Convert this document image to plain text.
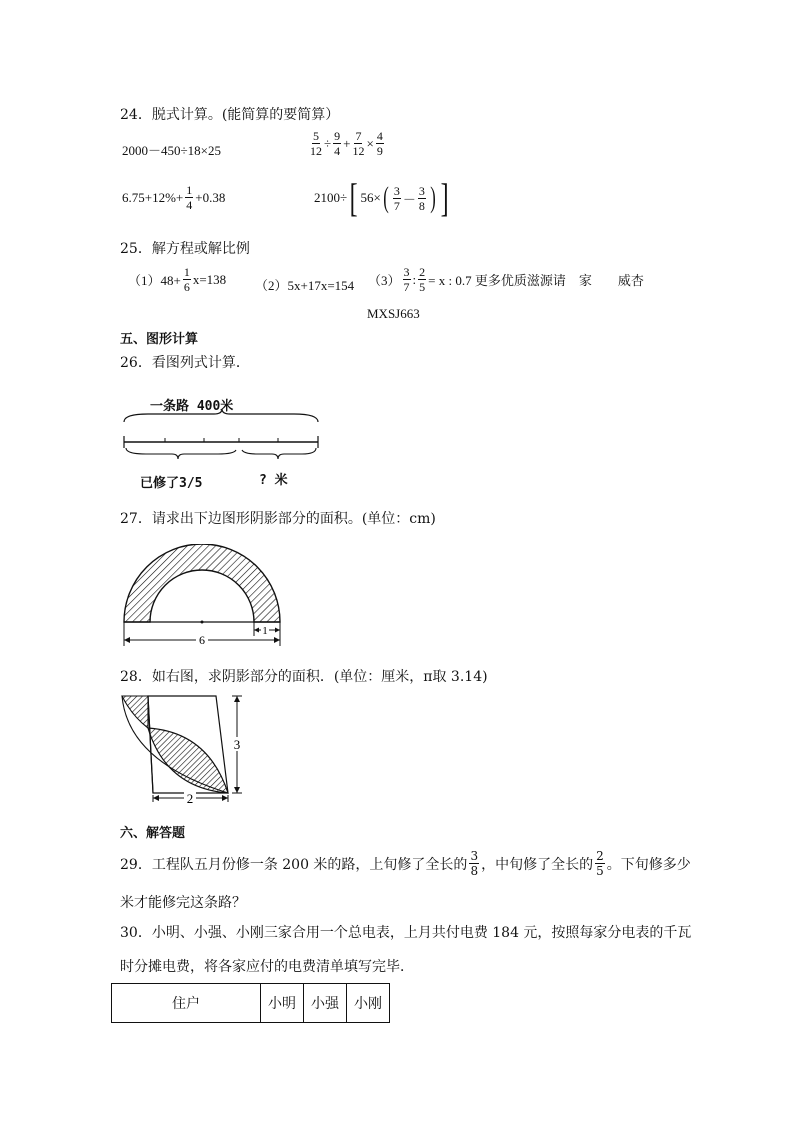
24．脱式计算。(能简算的要简算）
2000－450÷18×25	$\frac{5}{12} \div \frac{9}{4} + \frac{7}{12} \times \frac{4}{9}$
$6.75+12\%+ \frac{1}{4} +0.38$	2100÷ [ 56× ( $\frac{3}{7} - \frac{3}{8}$ ) ]
25．解方程或解比例
$(1)48+ \frac{1}{6} x=138$ （2）5x+17x=154 $(3) \frac{3}{7}$ : $\frac{2}{5} = x$ : 0.7 更多优质滋源请　家　　威杏
MXSJ663
五、图形计算
26．看图列式计算．
一条路 400米
已修了3/5	? 米
27．请求出下边图形阴影部分的面积。(单位：cm)
6
1
28．如右图，求阴影部分的面积．(单位：厘米，π取 3.14)
3
2
六、解答题
29．工程队五月份修一条 200 米的路，上旬修了全长的 $\frac{3}{8}$ ，中旬修了全长的 $\frac{2}{5}$ 。下旬修多少
米才能修完这条路？
30．小明、小强、小刚三家合用一个总电表，上月共付电费 184 元，按照每家分电表的千瓦
时分摊电费，将各家应付的电费清单填写完毕．
住户	小明	小强	小刚
